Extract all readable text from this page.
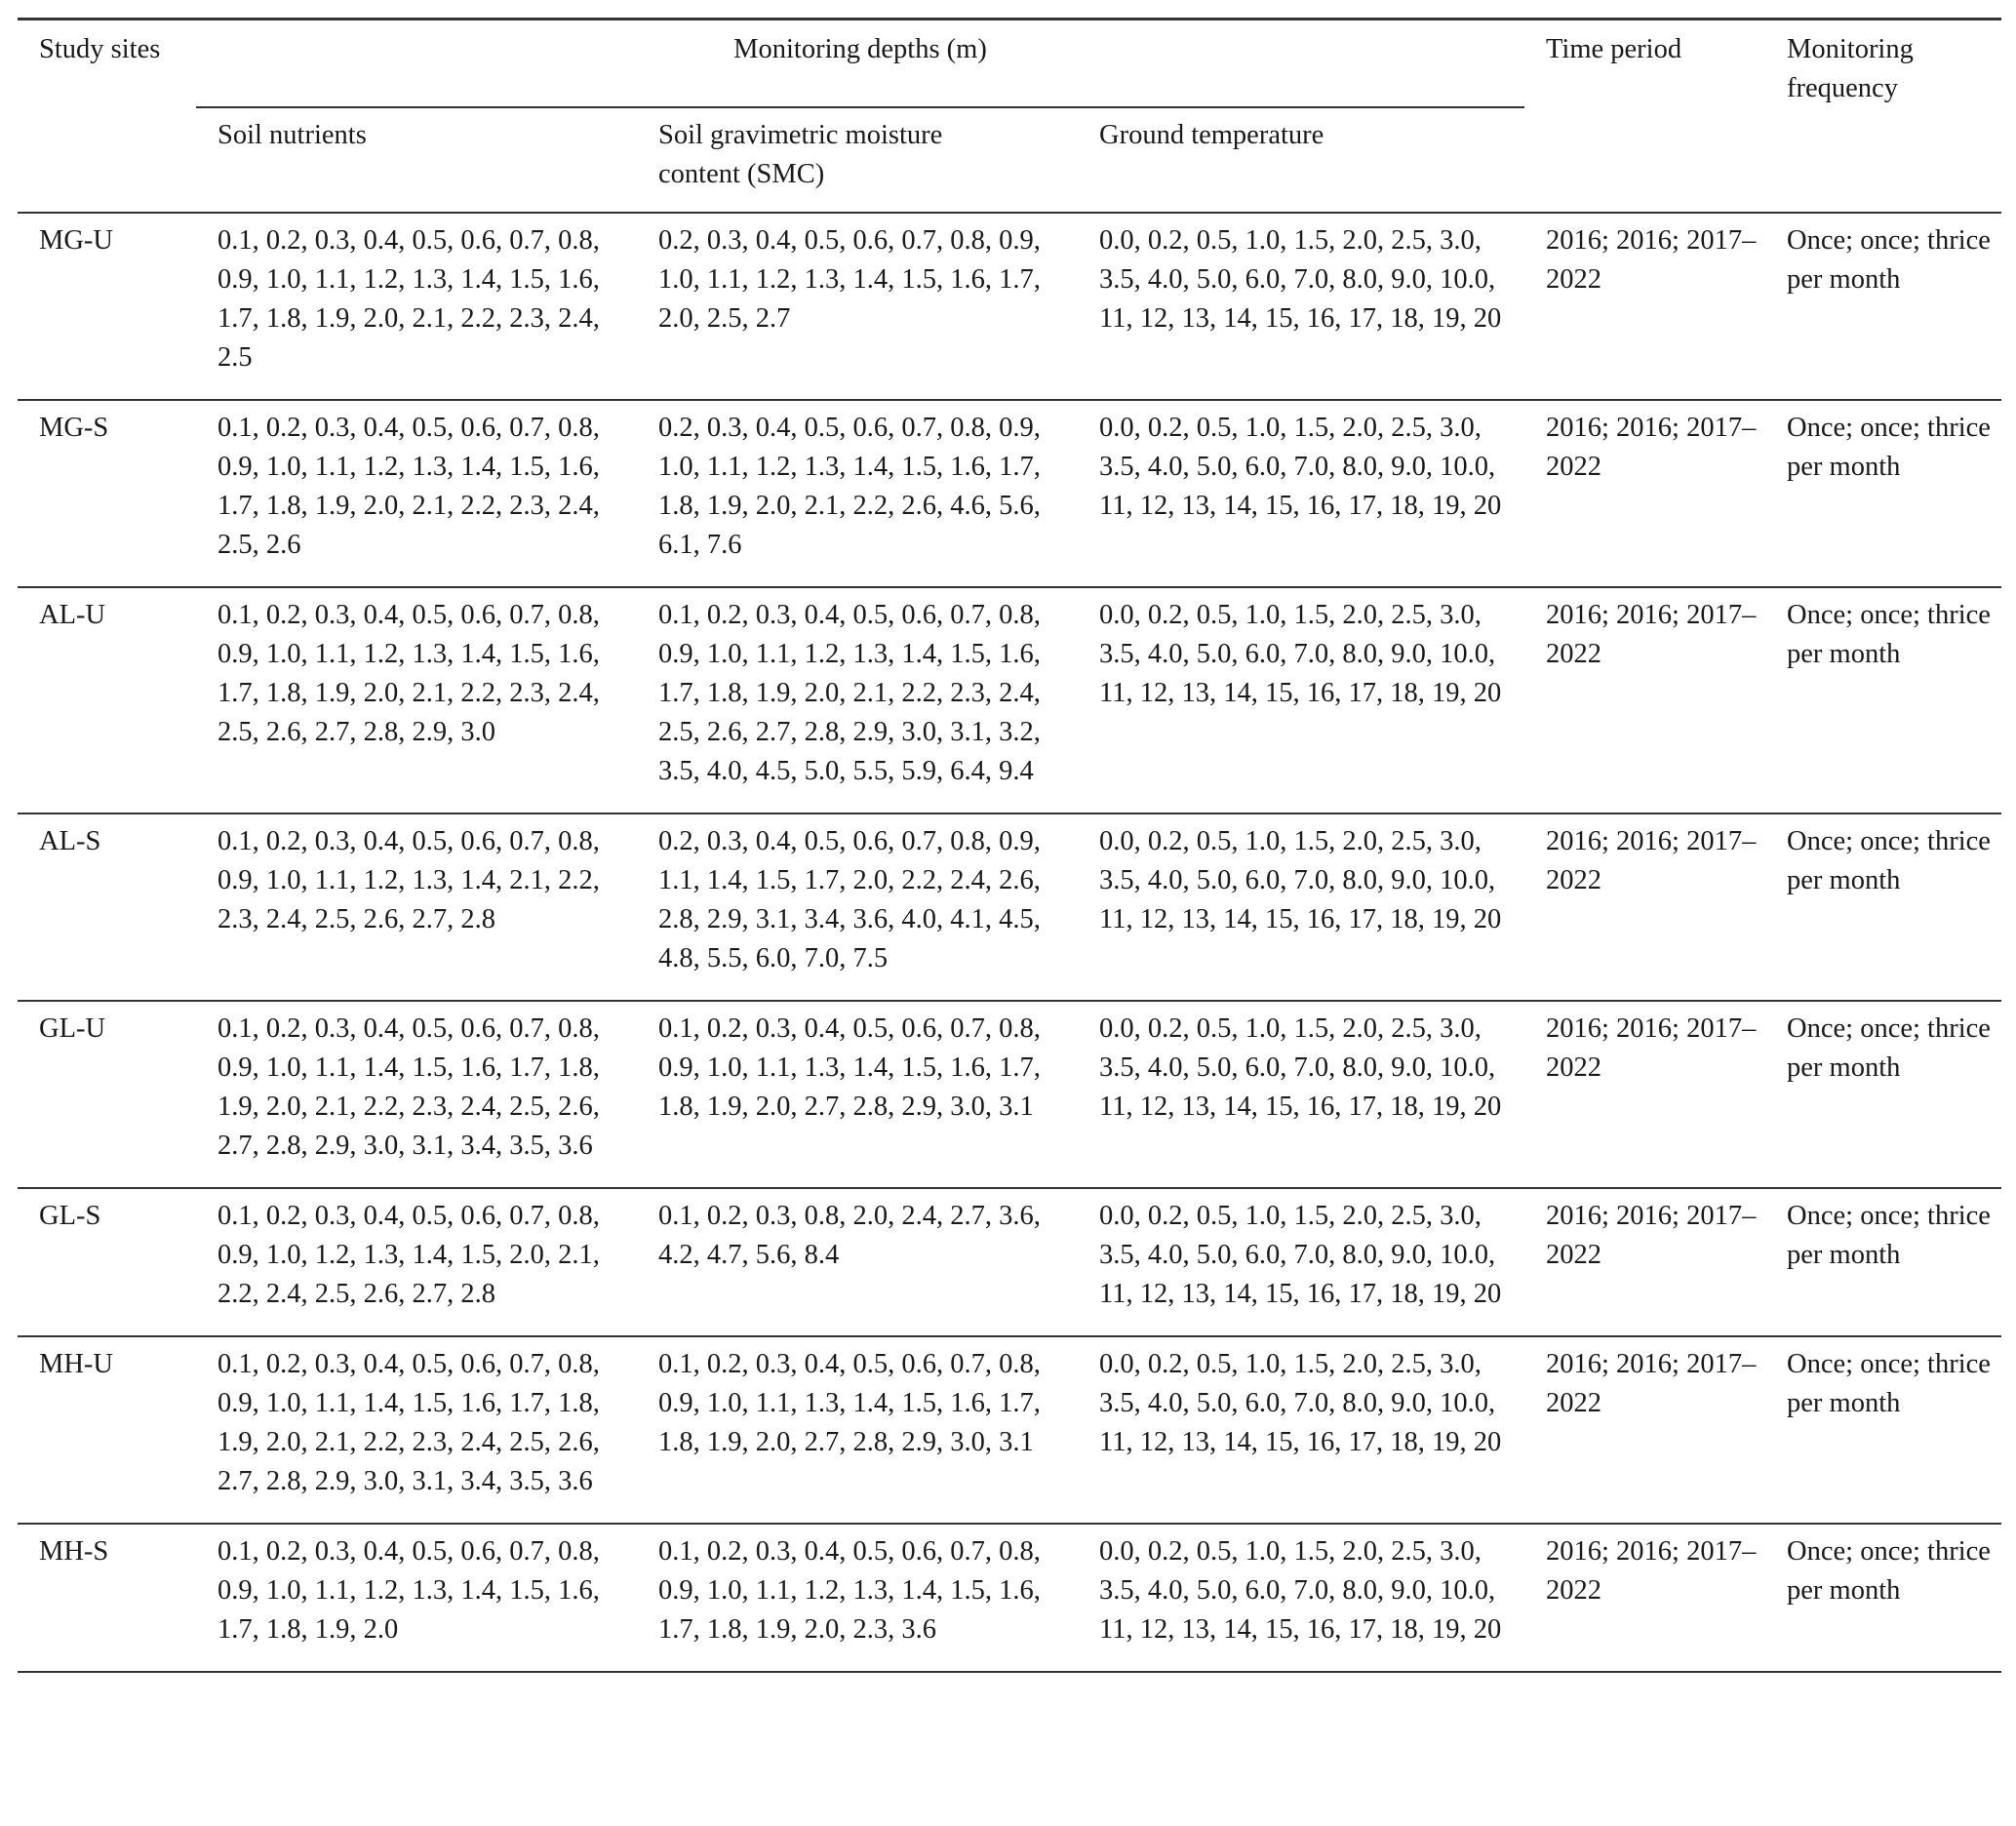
Study sites	Monitoring depths (m)			Time period	Monitoring frequency
	Soil nutrients	Soil gravimetric moisture content (SMC)	Ground temperature		
MG-U	0.1, 0.2, 0.3, 0.4, 0.5, 0.6, 0.7, 0.8, 0.9, 1.0, 1.1, 1.2, 1.3, 1.4, 1.5, 1.6, 1.7, 1.8, 1.9, 2.0, 2.1, 2.2, 2.3, 2.4, 2.5	0.2, 0.3, 0.4, 0.5, 0.6, 0.7, 0.8, 0.9, 1.0, 1.1, 1.2, 1.3, 1.4, 1.5, 1.6, 1.7, 2.0, 2.5, 2.7	0.0, 0.2, 0.5, 1.0, 1.5, 2.0, 2.5, 3.0, 3.5, 4.0, 5.0, 6.0, 7.0, 8.0, 9.0, 10.0, 11, 12, 13, 14, 15, 16, 17, 18, 19, 20	2016; 2016; 2017–2022	Once; once; thrice per month
MG-S	0.1, 0.2, 0.3, 0.4, 0.5, 0.6, 0.7, 0.8, 0.9, 1.0, 1.1, 1.2, 1.3, 1.4, 1.5, 1.6, 1.7, 1.8, 1.9, 2.0, 2.1, 2.2, 2.3, 2.4, 2.5, 2.6	0.2, 0.3, 0.4, 0.5, 0.6, 0.7, 0.8, 0.9, 1.0, 1.1, 1.2, 1.3, 1.4, 1.5, 1.6, 1.7, 1.8, 1.9, 2.0, 2.1, 2.2, 2.6, 4.6, 5.6, 6.1, 7.6	0.0, 0.2, 0.5, 1.0, 1.5, 2.0, 2.5, 3.0, 3.5, 4.0, 5.0, 6.0, 7.0, 8.0, 9.0, 10.0, 11, 12, 13, 14, 15, 16, 17, 18, 19, 20	2016; 2016; 2017–2022	Once; once; thrice per month
AL-U	0.1, 0.2, 0.3, 0.4, 0.5, 0.6, 0.7, 0.8, 0.9, 1.0, 1.1, 1.2, 1.3, 1.4, 1.5, 1.6, 1.7, 1.8, 1.9, 2.0, 2.1, 2.2, 2.3, 2.4, 2.5, 2.6, 2.7, 2.8, 2.9, 3.0	0.1, 0.2, 0.3, 0.4, 0.5, 0.6, 0.7, 0.8, 0.9, 1.0, 1.1, 1.2, 1.3, 1.4, 1.5, 1.6, 1.7, 1.8, 1.9, 2.0, 2.1, 2.2, 2.3, 2.4, 2.5, 2.6, 2.7, 2.8, 2.9, 3.0, 3.1, 3.2, 3.5, 4.0, 4.5, 5.0, 5.5, 5.9, 6.4, 9.4	0.0, 0.2, 0.5, 1.0, 1.5, 2.0, 2.5, 3.0, 3.5, 4.0, 5.0, 6.0, 7.0, 8.0, 9.0, 10.0, 11, 12, 13, 14, 15, 16, 17, 18, 19, 20	2016; 2016; 2017–2022	Once; once; thrice per month
AL-S	0.1, 0.2, 0.3, 0.4, 0.5, 0.6, 0.7, 0.8, 0.9, 1.0, 1.1, 1.2, 1.3, 1.4, 2.1, 2.2, 2.3, 2.4, 2.5, 2.6, 2.7, 2.8	0.2, 0.3, 0.4, 0.5, 0.6, 0.7, 0.8, 0.9, 1.1, 1.4, 1.5, 1.7, 2.0, 2.2, 2.4, 2.6, 2.8, 2.9, 3.1, 3.4, 3.6, 4.0, 4.1, 4.5, 4.8, 5.5, 6.0, 7.0, 7.5	0.0, 0.2, 0.5, 1.0, 1.5, 2.0, 2.5, 3.0, 3.5, 4.0, 5.0, 6.0, 7.0, 8.0, 9.0, 10.0, 11, 12, 13, 14, 15, 16, 17, 18, 19, 20	2016; 2016; 2017–2022	Once; once; thrice per month
GL-U	0.1, 0.2, 0.3, 0.4, 0.5, 0.6, 0.7, 0.8, 0.9, 1.0, 1.1, 1.4, 1.5, 1.6, 1.7, 1.8, 1.9, 2.0, 2.1, 2.2, 2.3, 2.4, 2.5, 2.6, 2.7, 2.8, 2.9, 3.0, 3.1, 3.4, 3.5, 3.6	0.1, 0.2, 0.3, 0.4, 0.5, 0.6, 0.7, 0.8, 0.9, 1.0, 1.1, 1.3, 1.4, 1.5, 1.6, 1.7, 1.8, 1.9, 2.0, 2.7, 2.8, 2.9, 3.0, 3.1	0.0, 0.2, 0.5, 1.0, 1.5, 2.0, 2.5, 3.0, 3.5, 4.0, 5.0, 6.0, 7.0, 8.0, 9.0, 10.0, 11, 12, 13, 14, 15, 16, 17, 18, 19, 20	2016; 2016; 2017–2022	Once; once; thrice per month
GL-S	0.1, 0.2, 0.3, 0.4, 0.5, 0.6, 0.7, 0.8, 0.9, 1.0, 1.2, 1.3, 1.4, 1.5, 2.0, 2.1, 2.2, 2.4, 2.5, 2.6, 2.7, 2.8	0.1, 0.2, 0.3, 0.8, 2.0, 2.4, 2.7, 3.6, 4.2, 4.7, 5.6, 8.4	0.0, 0.2, 0.5, 1.0, 1.5, 2.0, 2.5, 3.0, 3.5, 4.0, 5.0, 6.0, 7.0, 8.0, 9.0, 10.0, 11, 12, 13, 14, 15, 16, 17, 18, 19, 20	2016; 2016; 2017–2022	Once; once; thrice per month
MH-U	0.1, 0.2, 0.3, 0.4, 0.5, 0.6, 0.7, 0.8, 0.9, 1.0, 1.1, 1.4, 1.5, 1.6, 1.7, 1.8, 1.9, 2.0, 2.1, 2.2, 2.3, 2.4, 2.5, 2.6, 2.7, 2.8, 2.9, 3.0, 3.1, 3.4, 3.5, 3.6	0.1, 0.2, 0.3, 0.4, 0.5, 0.6, 0.7, 0.8, 0.9, 1.0, 1.1, 1.3, 1.4, 1.5, 1.6, 1.7, 1.8, 1.9, 2.0, 2.7, 2.8, 2.9, 3.0, 3.1	0.0, 0.2, 0.5, 1.0, 1.5, 2.0, 2.5, 3.0, 3.5, 4.0, 5.0, 6.0, 7.0, 8.0, 9.0, 10.0, 11, 12, 13, 14, 15, 16, 17, 18, 19, 20	2016; 2016; 2017–2022	Once; once; thrice per month
MH-S	0.1, 0.2, 0.3, 0.4, 0.5, 0.6, 0.7, 0.8, 0.9, 1.0, 1.1, 1.2, 1.3, 1.4, 1.5, 1.6, 1.7, 1.8, 1.9, 2.0	0.1, 0.2, 0.3, 0.4, 0.5, 0.6, 0.7, 0.8, 0.9, 1.0, 1.1, 1.2, 1.3, 1.4, 1.5, 1.6, 1.7, 1.8, 1.9, 2.0, 2.3, 3.6	0.0, 0.2, 0.5, 1.0, 1.5, 2.0, 2.5, 3.0, 3.5, 4.0, 5.0, 6.0, 7.0, 8.0, 9.0, 10.0, 11, 12, 13, 14, 15, 16, 17, 18, 19, 20	2016; 2016; 2017–2022	Once; once; thrice per month
